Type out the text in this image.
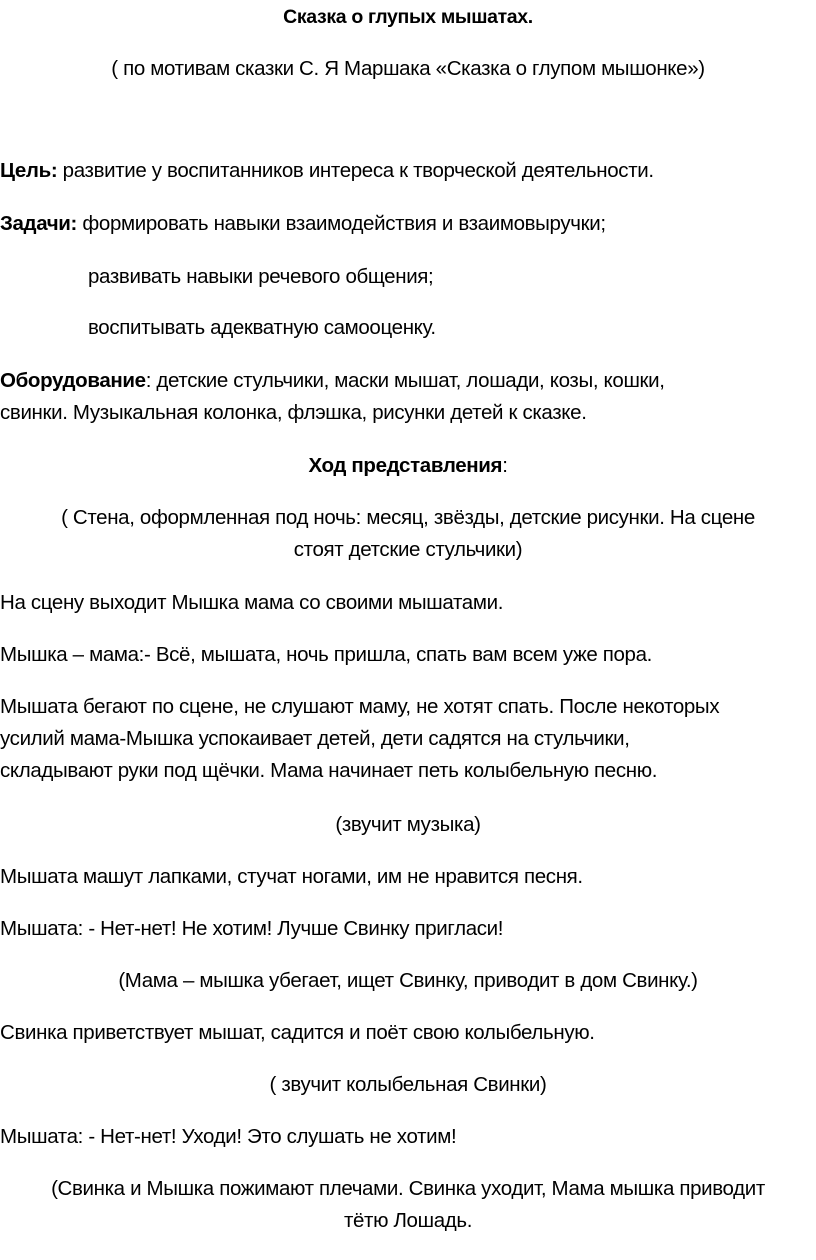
Сказка о глупых мышатах.
( по мотивам сказки С. Я Маршака «Сказка о глупом мышонке»)
Цель: развитие у воспитанников интереса к творческой деятельности.
Задачи: формировать навыки взаимодействия и взаимовыручки;
развивать навыки речевого общения;
воспитывать адекватную самооценку.
Оборудование: детские стульчики, маски мышат, лошади, козы, кошки,
свинки. Музыкальная колонка, флэшка, рисунки детей к сказке.
Ход представления:
( Стена, оформленная под ночь: месяц, звёзды, детские рисунки. На сцене
стоят детские стульчики)
На сцену выходит Мышка мама со своими мышатами.
Мышка – мама:- Всё, мышата, ночь пришла, спать вам всем уже пора.
Мышата бегают по сцене, не слушают маму, не хотят спать. После некоторых
усилий мама-Мышка успокаивает детей, дети садятся на стульчики,
складывают руки под щёчки. Мама начинает петь колыбельную песню.
(звучит музыка)
Мышата машут лапками, стучат ногами, им не нравится песня.
Мышата: - Нет-нет! Не хотим! Лучше Свинку пригласи!
(Мама – мышка убегает, ищет Свинку, приводит в дом Свинку.)
Свинка приветствует мышат, садится и поёт свою колыбельную.
( звучит колыбельная Свинки)
Мышата: - Нет-нет! Уходи! Это слушать не хотим!
(Свинка и Мышка пожимают плечами. Свинка уходит, Мама мышка приводит
тётю Лошадь.
